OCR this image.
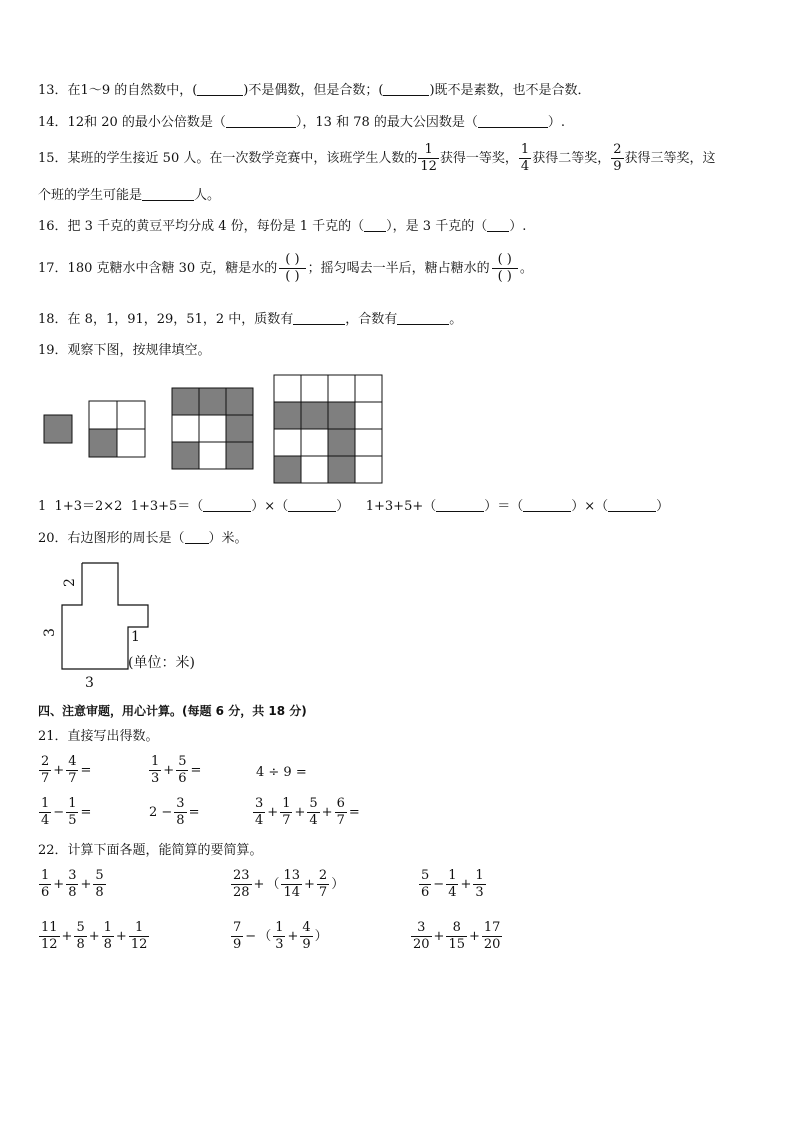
13．在1～9 的自然数中，(	)不是偶数，但是合数；(	)既不是素数，也不是合数．
14．12和 20 的最小公倍数是（	），13 和 78 的最大公因数是（	）.
15．某班的学生接近 50 人。在一次数学竞赛中，该班学生人数的 $\frac{1}{12}$ 获得一等奖， $\frac{1}{4}$ 获得二等奖， $\frac{2}{9}$ 获得三等奖，这
个班的学生可能是	人。
16．把 3 千克的黄豆平均分成 4 份，每份是 1 千克的（ ），是 3 千克的（ ）.
17．180 克糖水中含糖 30 克，糖是水的
( )
( )
；摇匀喝去一半后，糖占糖水的
( )
( )
。
18．在 8，1，91，29，51，2 中，质数有	，合数有	。
19．观察下图，按规律填空。
1 1+3＝2×2 1+3+5＝（	）×（	） 1+3+5+（	）＝（	）×（	）
20．右边图形的周长是（ ）米。
2
3	1
3
(单位：米)
四、注意审题，用心计算。(每题 6 分，共 18 分)
21．直接写出得数。
$\frac{2}{7} + \frac{4}{7}$ =	$\frac{1}{3} + \frac{5}{6}$ =	4 ÷ 9 =
$\frac{1}{4} - \frac{1}{5}$ =	$2 - \frac{3}{8}$ =	$\frac{3}{4} + \frac{1}{7} + \frac{5}{4} + \frac{6}{7}$ =
22．计算下面各题，能简算的要简算。
$\frac{1}{6} + \frac{3}{8} + \frac{5}{8}$	$\frac{23}{28}$ + （ $\frac{13}{14} + \frac{2}{7}$ ）	$\frac{5}{6} - \frac{1}{4} + \frac{1}{3}$
$\frac{11}{12} + \frac{5}{8} + \frac{1}{8} + \frac{1}{12}$	$\frac{7}{9}$ − （ $\frac{1}{3} + \frac{4}{9}$ ）	$\frac{3}{20} + \frac{8}{15} + \frac{17}{20}$
